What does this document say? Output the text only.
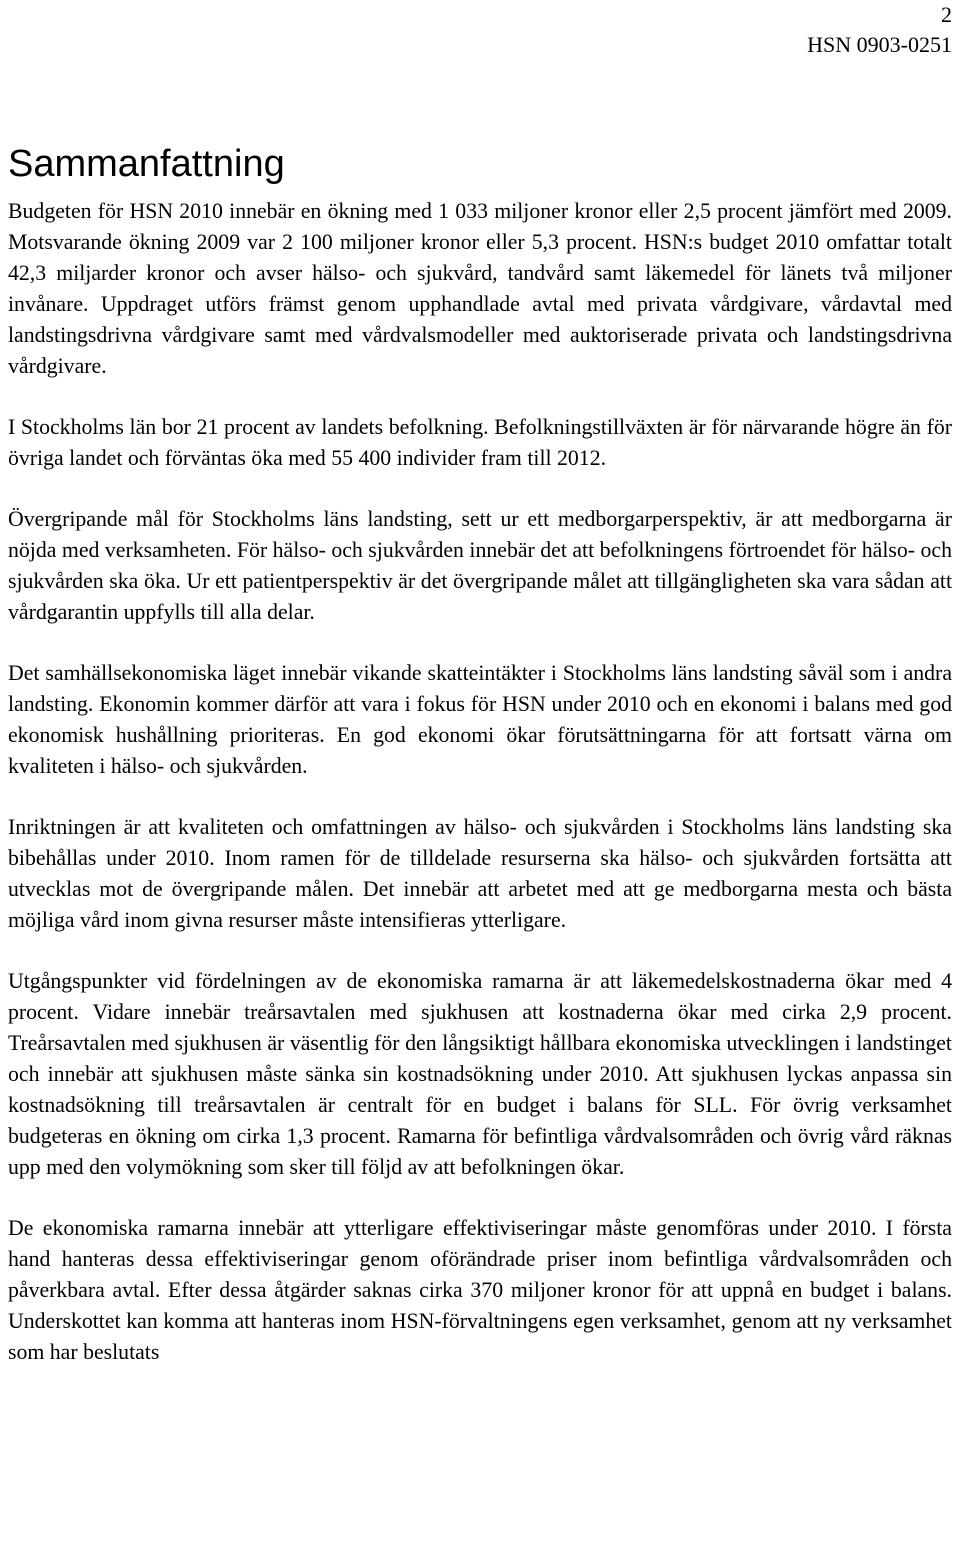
2
HSN 0903-0251
Sammanfattning

Budgeten för HSN 2010 innebär en ökning med 1 033 miljoner kronor eller 2,5 procent jämfört med 2009. Motsvarande ökning 2009 var 2 100 miljoner kronor eller 5,3 procent. HSN:s budget 2010 omfattar totalt 42,3 miljarder kronor och avser hälso- och sjukvård, tandvård samt läkemedel för länets två miljoner invånare. Uppdraget utförs främst genom upphandlade avtal med privata vårdgivare, vårdavtal med landstingsdrivna vårdgivare samt med vårdvalsmodeller med auktoriserade privata och landstingsdrivna vårdgivare.

I Stockholms län bor 21 procent av landets befolkning. Befolkningstillväxten är för närvarande högre än för övriga landet och förväntas öka med 55 400 individer fram till 2012.

Övergripande mål för Stockholms läns landsting, sett ur ett medborgarperspektiv, är att medborgarna är nöjda med verksamheten. För hälso- och sjukvården innebär det att befolkningens förtroendet för hälso- och sjukvården ska öka. Ur ett patientperspektiv är det övergripande målet att tillgängligheten ska vara sådan att vårdgarantin uppfylls till alla delar.

Det samhällsekonomiska läget innebär vikande skatteintäkter i Stockholms läns landsting såväl som i andra landsting. Ekonomin kommer därför att vara i fokus för HSN under 2010 och en ekonomi i balans med god ekonomisk hushållning prioriteras. En god ekonomi ökar förutsättningarna för att fortsatt värna om kvaliteten i hälso- och sjukvården.

Inriktningen är att kvaliteten och omfattningen av hälso- och sjukvården i Stockholms läns landsting ska bibehållas under 2010. Inom ramen för de tilldelade resurserna ska hälso- och sjukvården fortsätta att utvecklas mot de övergripande målen. Det innebär att arbetet med att ge medborgarna mesta och bästa möjliga vård inom givna resurser måste intensifieras ytterligare.

Utgångspunkter vid fördelningen av de ekonomiska ramarna är att läkemedelskostnaderna ökar med 4 procent. Vidare innebär treårsavtalen med sjukhusen att kostnaderna ökar med cirka 2,9 procent. Treårsavtalen med sjukhusen är väsentlig för den långsiktigt hållbara ekonomiska utvecklingen i landstinget och innebär att sjukhusen måste sänka sin kostnadsökning under 2010. Att sjukhusen lyckas anpassa sin kostnadsökning till treårsavtalen är centralt för en budget i balans för SLL. För övrig verksamhet budgeteras en ökning om cirka 1,3 procent. Ramarna för befintliga vårdvalsområden och övrig vård räknas upp med den volymökning som sker till följd av att befolkningen ökar.

De ekonomiska ramarna innebär att ytterligare effektiviseringar måste genomföras under 2010. I första hand hanteras dessa effektiviseringar genom oförändrade priser inom befintliga vårdvalsområden och påverkbara avtal. Efter dessa åtgärder saknas cirka 370 miljoner kronor för att uppnå en budget i balans. Underskottet kan komma att hanteras inom HSN-förvaltningens egen verksamhet, genom att ny verksamhet som har beslutats
